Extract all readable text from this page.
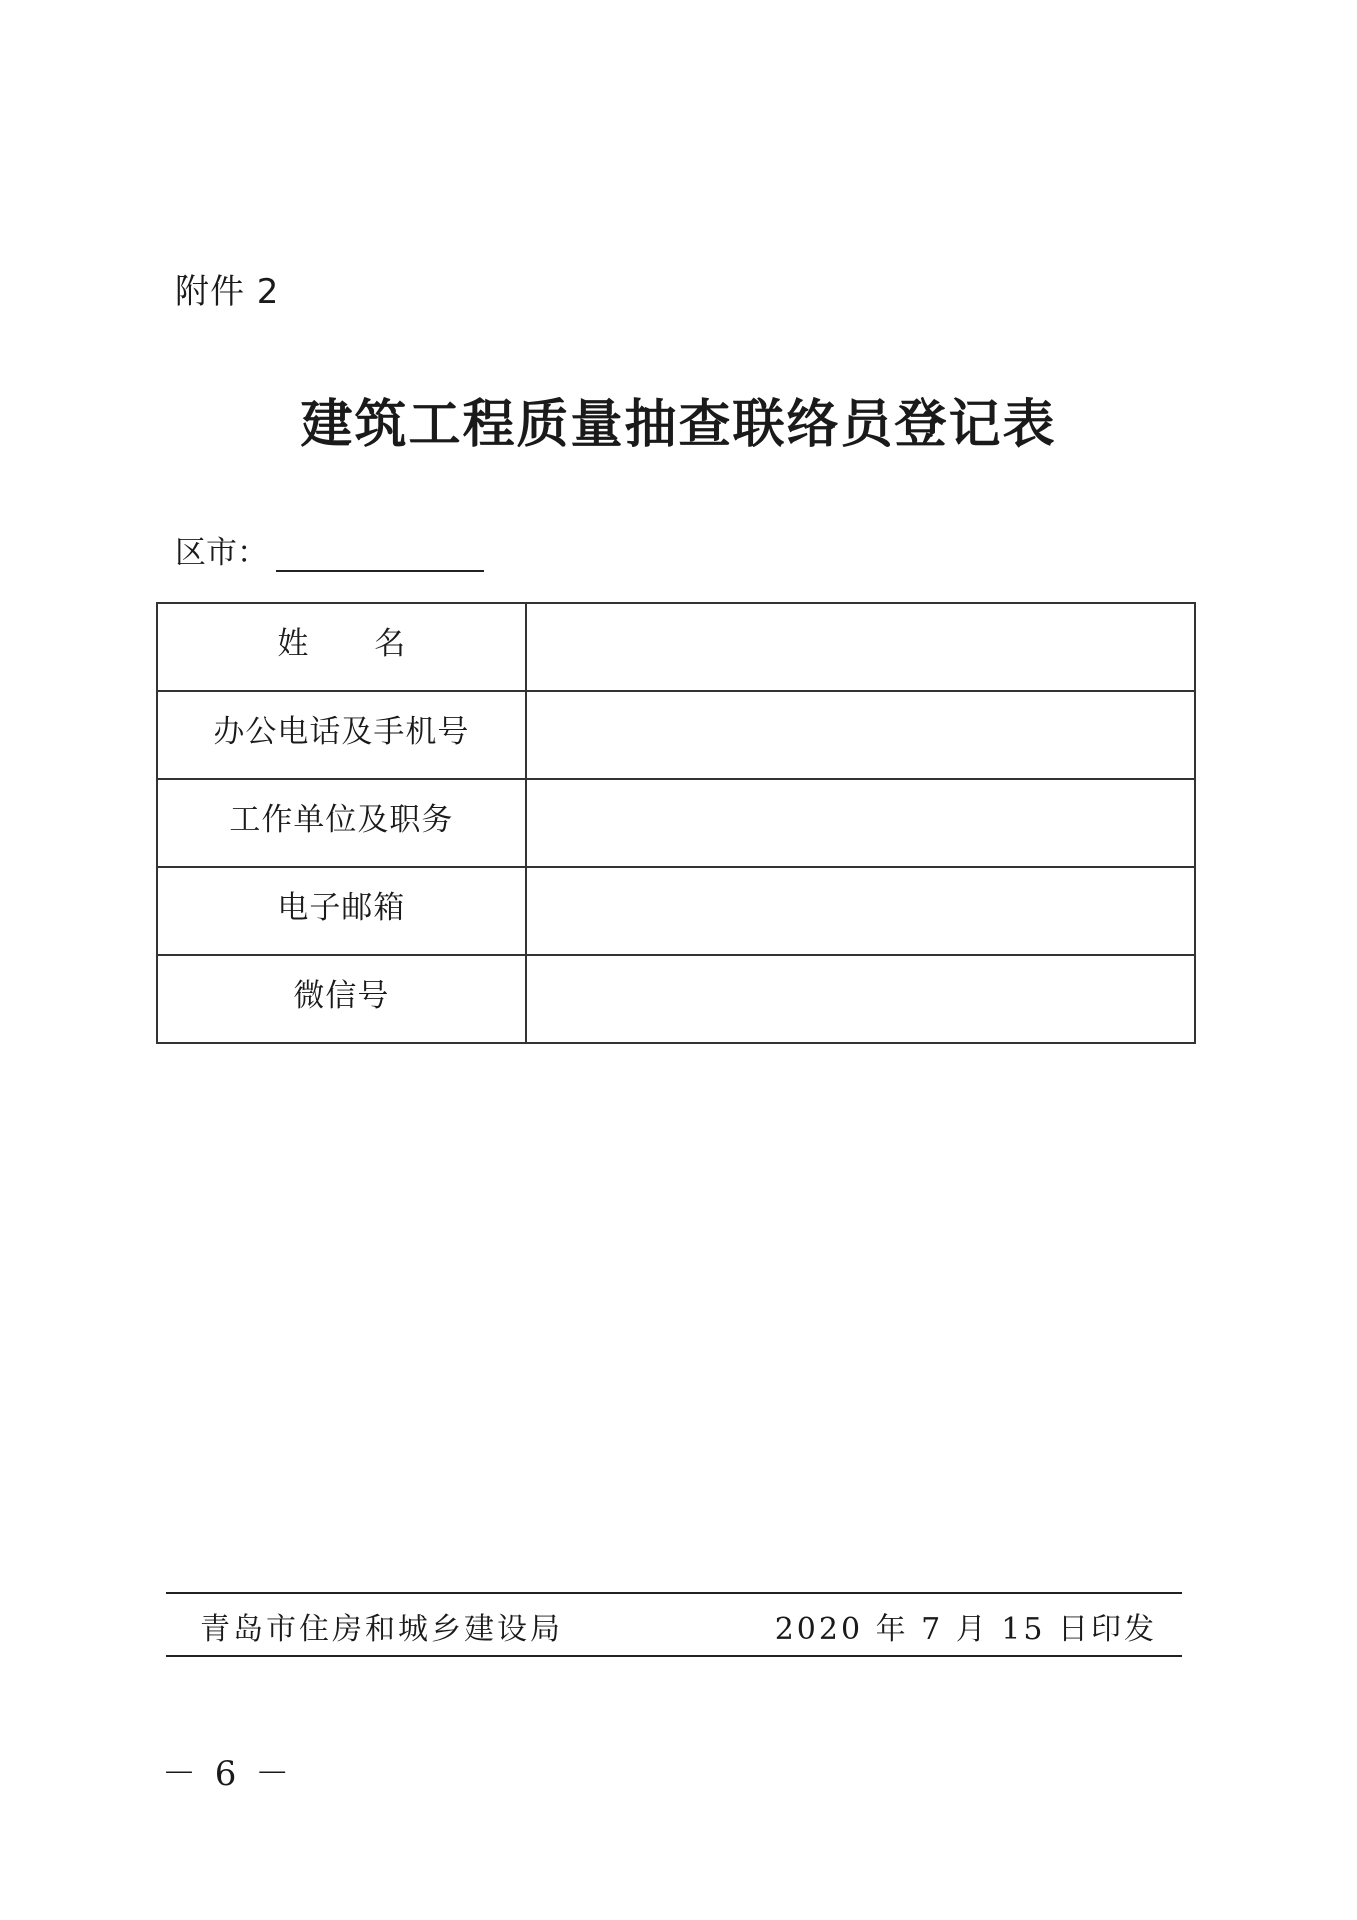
附件 2
建筑工程质量抽查联络员登记表
区市：
姓 名	
办公电话及手机号	
工作单位及职务	
电子邮箱	
微信号	
青岛市住房和城乡建设局	2020 年 7 月 15 日印发
－ 6 －
